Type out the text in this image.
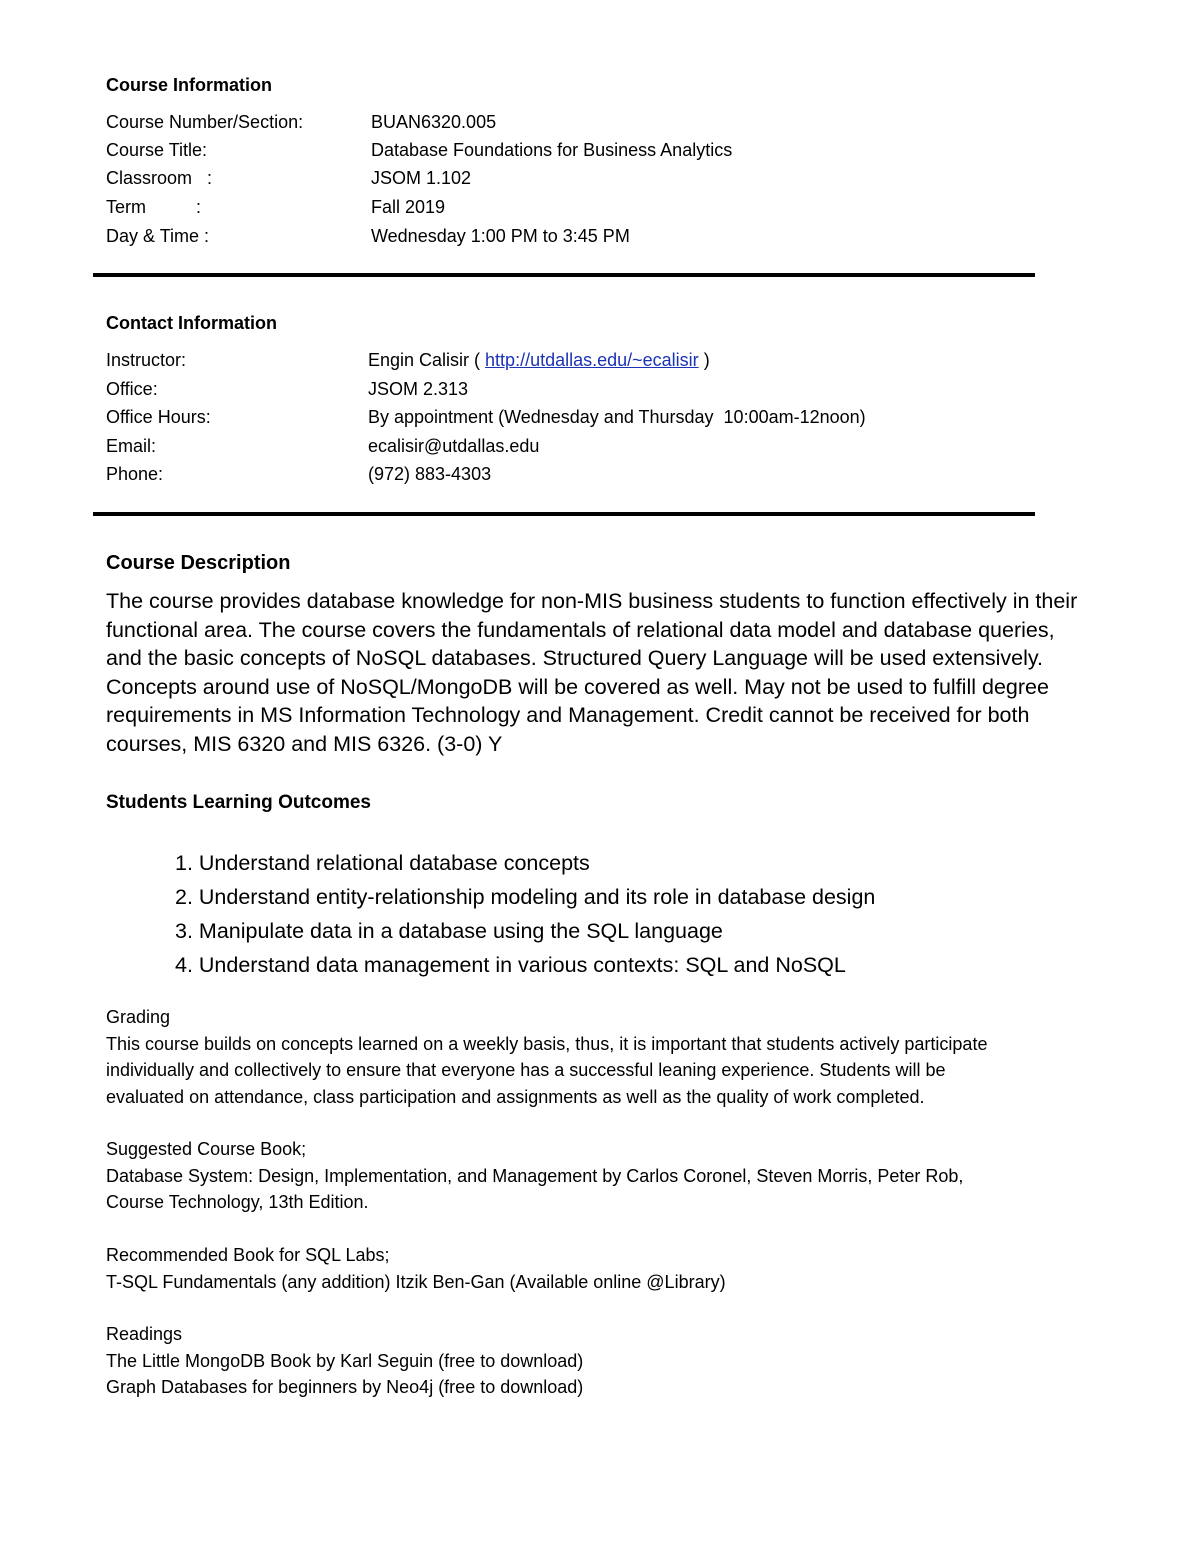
Course Information
Course Number/Section:	BUAN6320.005
Course Title:	Database Foundations for Business Analytics
Classroom   :	JSOM 1.102
Term          :	Fall 2019
Day & Time :	Wednesday 1:00 PM to 3:45 PM
Contact Information
Instructor:	Engin Calisir ( http://utdallas.edu/~ecalisir )
Office:	JSOM 2.313
Office Hours:	By appointment (Wednesday and Thursday  10:00am-12noon)
Email:	ecalisir@utdallas.edu
Phone:	(972) 883-4303
Course Description

The course provides database knowledge for non-MIS business students to function effectively in their
functional area. The course covers the fundamentals of relational data model and database queries,
and the basic concepts of NoSQL databases. Structured Query Language will be used extensively.
Concepts around use of NoSQL/MongoDB will be covered as well. May not be used to fulfill degree
requirements in MS Information Technology and Management. Credit cannot be received for both
courses, MIS 6320 and MIS 6326. (3-0) Y

Students Learning Outcomes
1. Understand relational database concepts
2. Understand entity-relationship modeling and its role in database design
3. Manipulate data in a database using the SQL language
4. Understand data management in various contexts: SQL and NoSQL

Grading
This course builds on concepts learned on a weekly basis, thus, it is important that students actively participate
individually and collectively to ensure that everyone has a successful leaning experience. Students will be
evaluated on attendance, class participation and assignments as well as the quality of work completed.

Suggested Course Book;
Database System: Design, Implementation, and Management by Carlos Coronel, Steven Morris, Peter Rob,
Course Technology, 13th Edition.

Recommended Book for SQL Labs;
T-SQL Fundamentals (any addition) Itzik Ben-Gan (Available online @Library)

Readings
The Little MongoDB Book by Karl Seguin (free to download)
Graph Databases for beginners by Neo4j (free to download)
